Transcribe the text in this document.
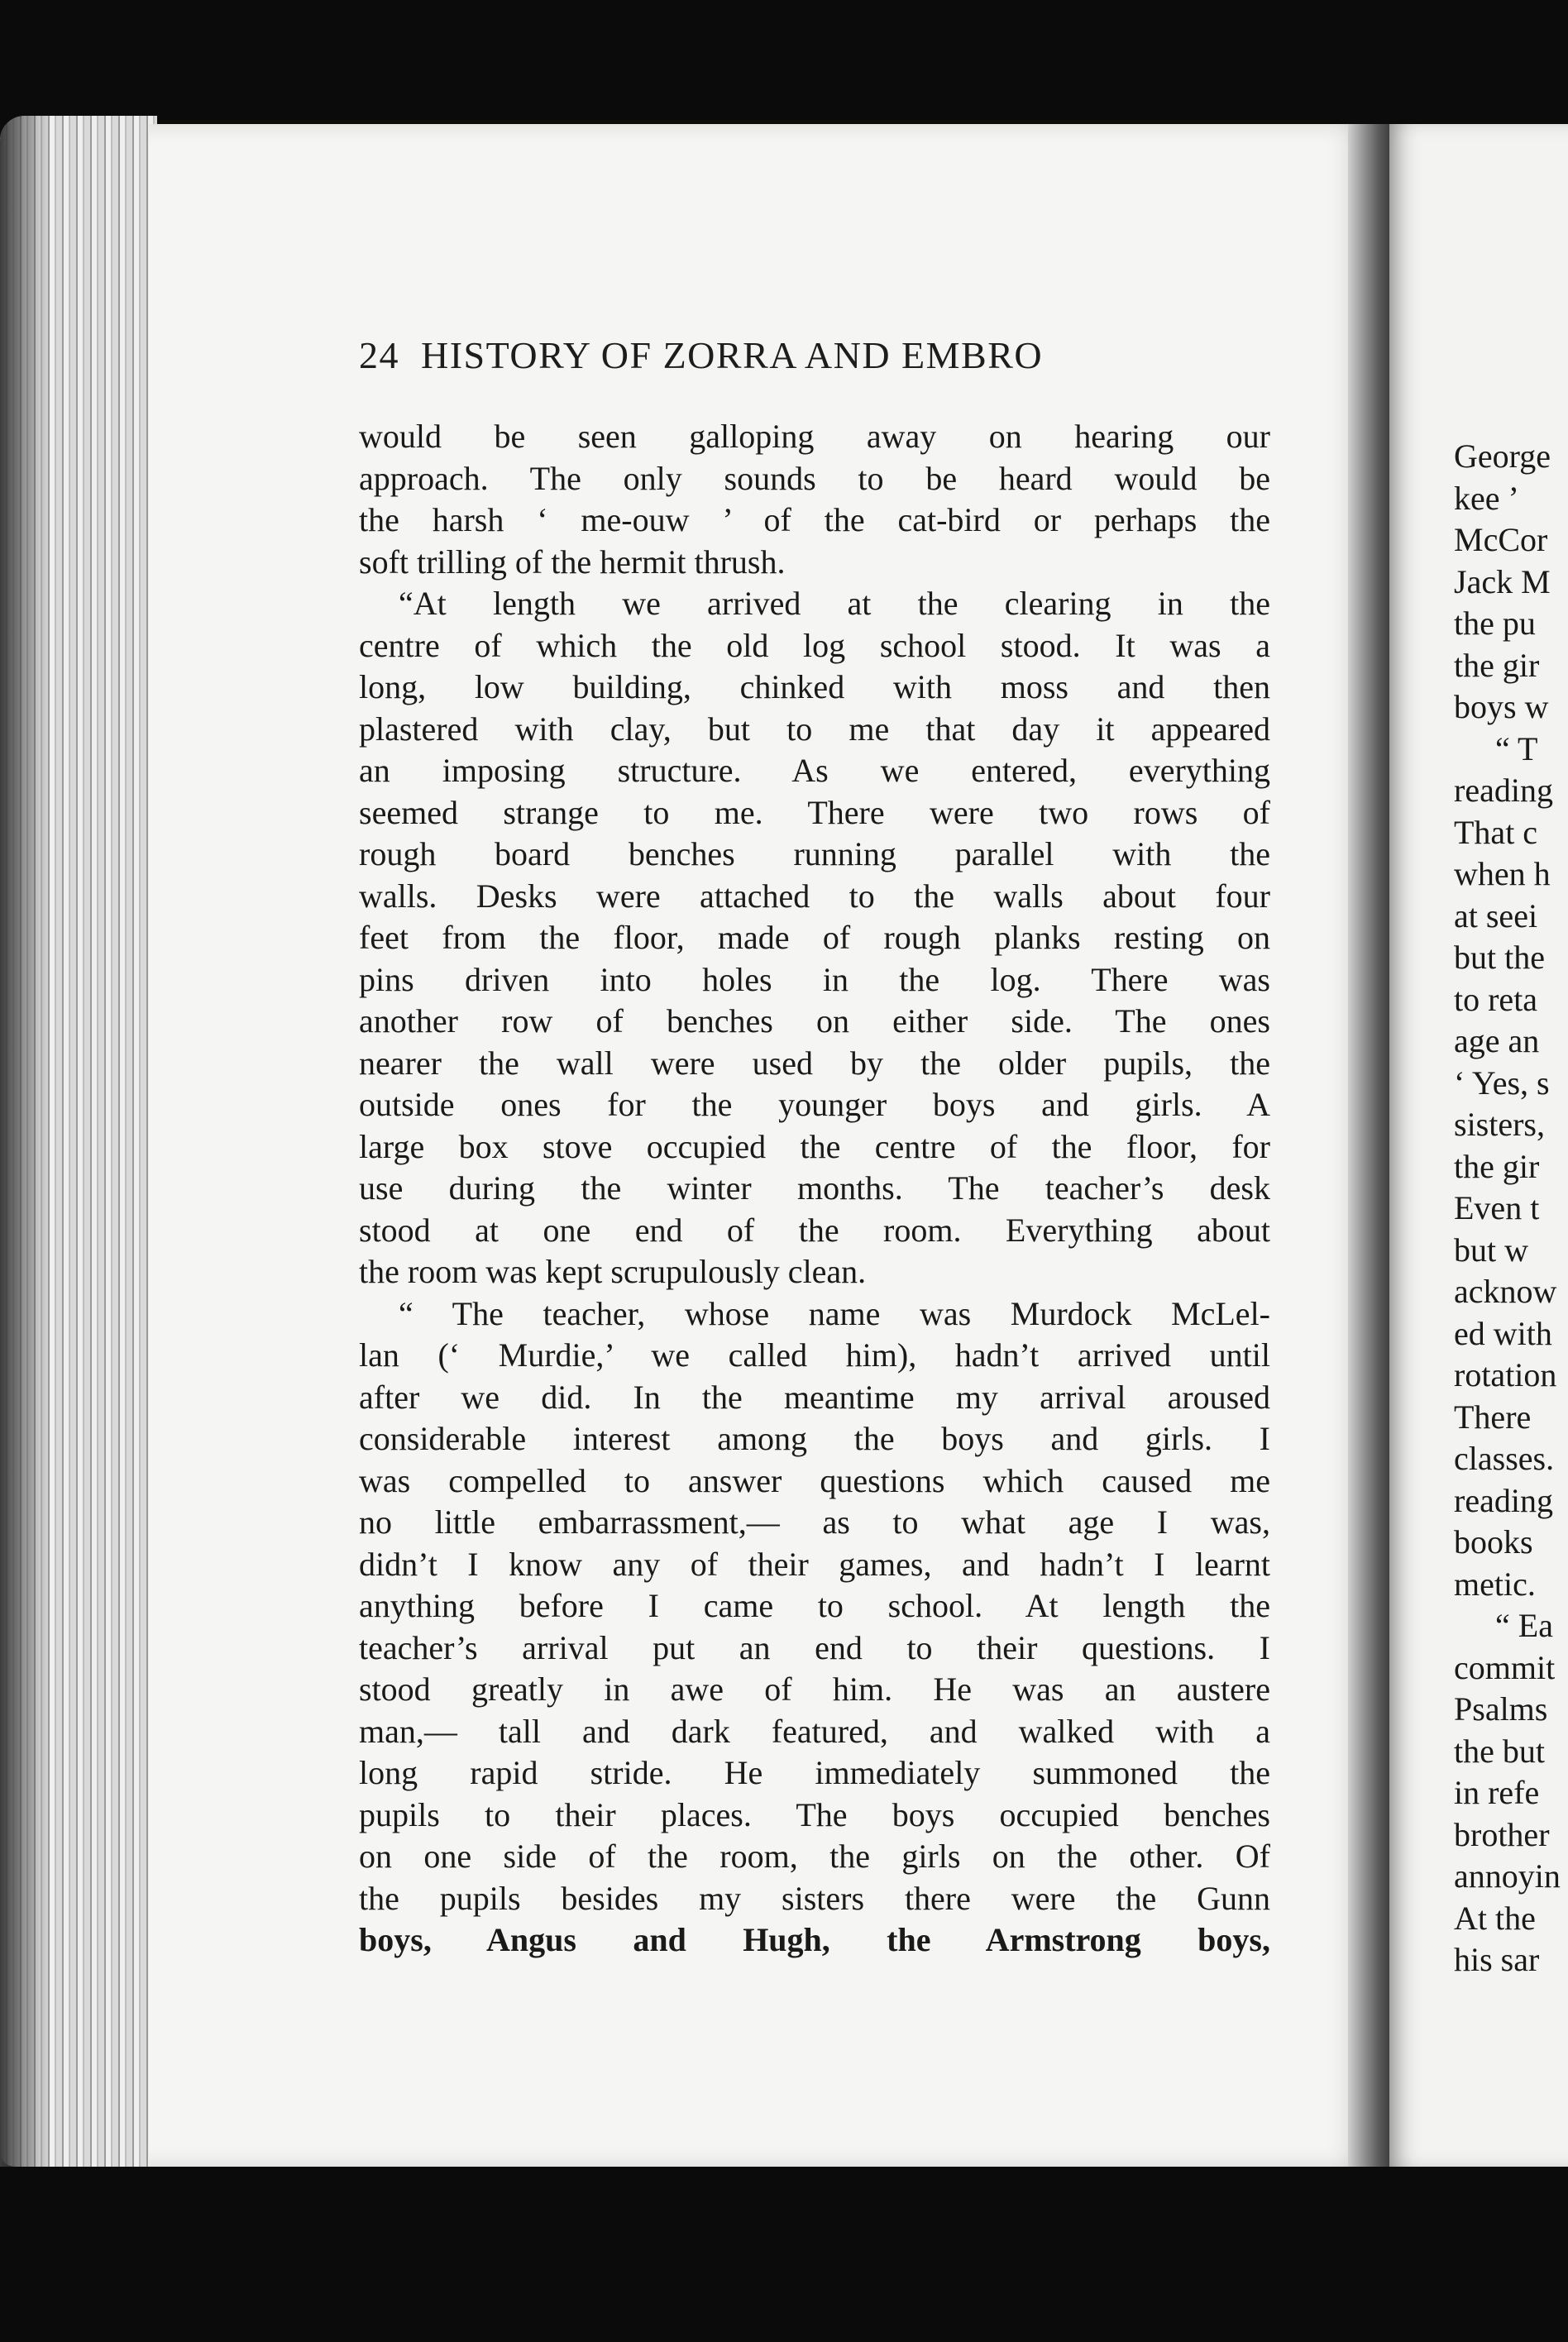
24 HISTORY OF ZORRA AND EMBRO
would be seen galloping away on hearing our
approach. The only sounds to be heard would be
the harsh ‘ me-ouw ’ of the cat-bird or perhaps the
soft trilling of the hermit thrush.
“At length we arrived at the clearing in the
centre of which the old log school stood. It was a
long, low building, chinked with moss and then
plastered with clay, but to me that day it appeared
an imposing structure. As we entered, everything
seemed strange to me. There were two rows of
rough board benches running parallel with the
walls. Desks were attached to the walls about four
feet from the floor, made of rough planks resting on
pins driven into holes in the log. There was
another row of benches on either side. The ones
nearer the wall were used by the older pupils, the
outside ones for the younger boys and girls. A
large box stove occupied the centre of the floor, for
use during the winter months. The teacher’s desk
stood at one end of the room. Everything about
the room was kept scrupulously clean.
“ The teacher, whose name was Murdock McLel-
lan (‘ Murdie,’ we called him), hadn’t arrived until
after we did. In the meantime my arrival aroused
considerable interest among the boys and girls. I
was compelled to answer questions which caused me
no little embarrassment,— as to what age I was,
didn’t I know any of their games, and hadn’t I learnt
anything before I came to school. At length the
teacher’s arrival put an end to their questions. I
stood greatly in awe of him. He was an austere
man,— tall and dark featured, and walked with a
long rapid stride. He immediately summoned the
pupils to their places. The boys occupied benches
on one side of the room, the girls on the other. Of
the pupils besides my sisters there were the Gunn
boys, Angus and Hugh, the Armstrong boys,
George
kee ’
McCor
Jack M
the pu
the gir
boys w
“ T
reading
That c
when h
at seei
but the
to reta
age an
‘ Yes, s
sisters,
the gir
Even t
but w
acknow
ed with
rotation
There
classes.
reading
books
metic.
“ Ea
commit
Psalms
the but
in refe
brother
annoyin
At the
his sar
